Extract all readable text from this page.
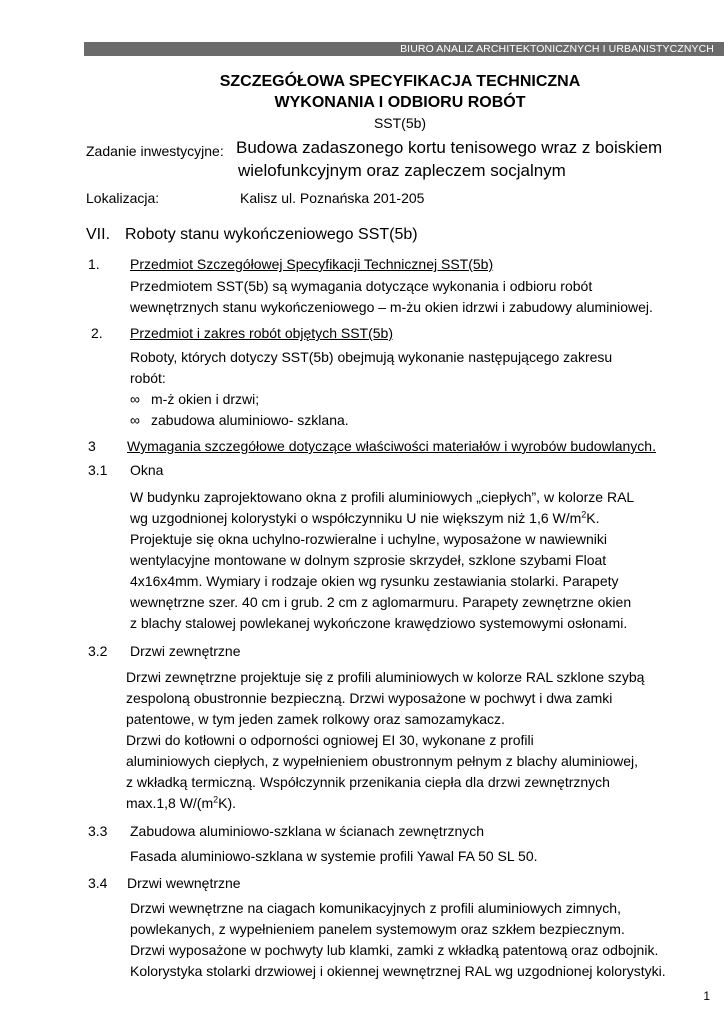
BIURO ANALIZ ARCHITEKTONICZNYCH I URBANISTYCZNYCH
SZCZEGÓŁOWA SPECYFIKACJA TECHNICZNA
WYKONANIA I ODBIORU ROBÓT
SST(5b)
Zadanie inwestycyjne: Budowa zadaszonego kortu tenisowego wraz z boiskiem
wielofunkcyjnym oraz zapleczem socjalnym
Lokalizacja:	Kalisz ul. Poznańska 201-205
VII. Roboty stanu wykończeniowego SST(5b)
1. Przedmiot Szczegółowej Specyfikacji Technicznej SST(5b)
Przedmiotem SST(5b) są wymagania dotyczące wykonania i odbioru robót
wewnętrznych stanu wykończeniowego – m-żu okien idrzwi i zabudowy aluminiowej.
2. Przedmiot i zakres robót objętych SST(5b)
Roboty, których dotyczy SST(5b) obejmują wykonanie następującego zakresu
robót:
∞ m-ż okien i drzwi;
∞ zabudowa aluminiowo- szklana.
3 Wymagania szczegółowe dotyczące właściwości materiałów i wyrobów budowlanych.
3.1 Okna
W budynku zaprojektowano okna z profili aluminiowych „ciepłych”, w kolorze RAL
wg uzgodnionej kolorystyki o współczynniku U nie większym niż 1,6 $W/m^2K$.
Projektuje się okna uchylno-rozwieralne i uchylne, wyposażone w nawiewniki
wentylacyjne montowane w dolnym szprosie skrzydeł, szklone szybami Float
4x16x4mm. Wymiary i rodzaje okien wg rysunku zestawiania stolarki. Parapety
wewnętrzne szer. 40 cm i grub. 2 cm z aglomarmuru. Parapety zewnętrzne okien
z blachy stalowej powlekanej wykończone krawędziowo systemowymi osłonami.
3.2 Drzwi zewnętrzne
Drzwi zewnętrzne projektuje się z profili aluminiowych w kolorze RAL szklone szybą
zespoloną obustronnie bezpieczną. Drzwi wyposażone w pochwyt i dwa zamki
patentowe, w tym jeden zamek rolkowy oraz samozamykacz.
Drzwi do kotłowni o odporności ogniowej EI 30, wykonane z profili
aluminiowych ciepłych, z wypełnieniem obustronnym pełnym z blachy aluminiowej,
z wkładką termiczną. Współczynnik przenikania ciepła dla drzwi zewnętrznych
max.1,8 $W/(m^2K)$.
3.3 Zabudowa aluminiowo-szklana w ścianach zewnętrznych
Fasada aluminiowo-szklana w systemie profili Yawal FA 50 SL 50.
3.4 Drzwi wewnętrzne
Drzwi wewnętrzne na ciagach komunikacyjnych z profili aluminiowych zimnych,
powlekanych, z wypełnieniem panelem systemowym oraz szkłem bezpiecznym.
Drzwi wyposażone w pochwyty lub klamki, zamki z wkładką patentową oraz odbojnik.
Kolorystyka stolarki drzwiowej i okiennej wewnętrznej RAL wg uzgodnionej kolorystyki.
1
